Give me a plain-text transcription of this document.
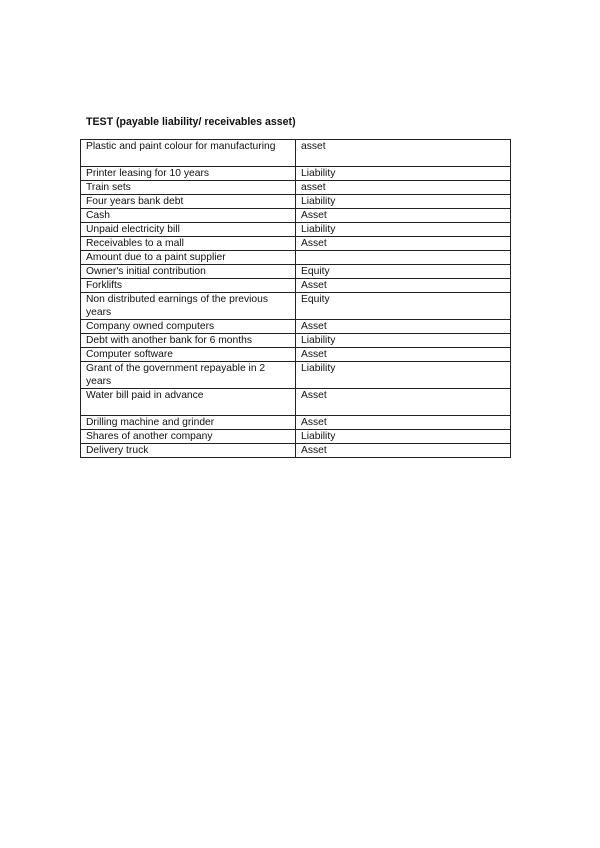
TEST (payable liability/ receivables asset)
Plastic and paint colour for manufacturing	asset
Printer leasing for 10 years	Liability
Train sets	asset
Four years bank debt	Liability
Cash	Asset
Unpaid electricity bill	Liability
Receivables to a mall	Asset
Amount due to a paint supplier	
Owner's initial contribution	Equity
Forklifts	Asset
Non distributed earnings of the previous years	Equity
Company owned computers	Asset
Debt with another bank for 6 months	Liability
Computer software	Asset
Grant of the government repayable in 2 years	Liability
Water bill paid in advance	Asset
Drilling machine and grinder	Asset
Shares of another company	Liability
Delivery truck	Asset
